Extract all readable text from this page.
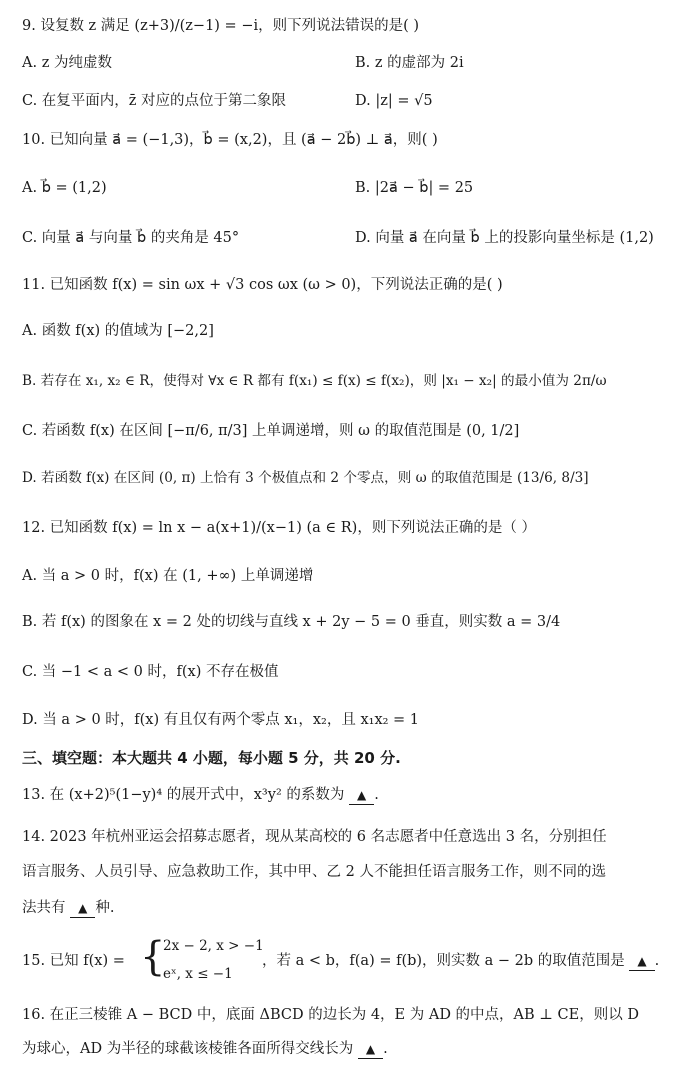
9. 设复数 z 满足 (z+3)/(z−1) = −i，则下列说法错误的是( )
A. z 为纯虚数	B. z 的虚部为 2i
C. 在复平面内，z̄ 对应的点位于第二象限	D. |z| = √5
10. 已知向量 a⃗ = (−1,3)，b⃗ = (x,2)，且 (a⃗ − 2b⃗) ⊥ a⃗，则( )
A. b⃗ = (1,2)	B. |2a⃗ − b⃗| = 25
C. 向量 a⃗ 与向量 b⃗ 的夹角是 45°	D. 向量 a⃗ 在向量 b⃗ 上的投影向量坐标是 (1,2)
11. 已知函数 f(x) = sin ωx + √3 cos ωx (ω > 0)，下列说法正确的是( )
A. 函数 f(x) 的值域为 [−2,2]
B. 若存在 x₁, x₂ ∈ R，使得对 ∀x ∈ R 都有 f(x₁) ≤ f(x) ≤ f(x₂)，则 |x₁ − x₂| 的最小值为 2π/ω
C. 若函数 f(x) 在区间 [−π/6, π/3] 上单调递增，则 ω 的取值范围是 (0, 1/2]
D. 若函数 f(x) 在区间 (0, π) 上恰有 3 个极值点和 2 个零点，则 ω 的取值范围是 (13/6, 8/3]
12. 已知函数 f(x) = ln x − a(x+1)/(x−1) (a ∈ R)，则下列说法正确的是（ ）
A. 当 a > 0 时，f(x) 在 (1, +∞) 上单调递增
B. 若 f(x) 的图象在 x = 2 处的切线与直线 x + 2y − 5 = 0 垂直，则实数 a = 3/4
C. 当 −1 < a < 0 时，f(x) 不存在极值
D. 当 a > 0 时，f(x) 有且仅有两个零点 x₁，x₂，且 x₁x₂ = 1
三、填空题：本大题共 4 小题，每小题 5 分，共 20 分.
13. 在 (x+2)⁵(1−y)⁴ 的展开式中，x³y² 的系数为 ▲ .
14. 2023 年杭州亚运会招募志愿者，现从某高校的 6 名志愿者中任意选出 3 名，分别担任
语言服务、人员引导、应急救助工作，其中甲、乙 2 人不能担任语言服务工作，则不同的选
法共有 ▲ 种.
15. 已知 f(x) = {
2x − 2, x > −1
eˣ, x ≤ −1
，若 a < b，f(a) = f(b)，则实数 a − 2b 的取值范围是 ▲ .
16. 在正三棱锥 A − BCD 中，底面 ΔBCD 的边长为 4，E 为 AD 的中点，AB ⊥ CE，则以 D
为球心，AD 为半径的球截该棱锥各面所得交线长为 ▲ .
